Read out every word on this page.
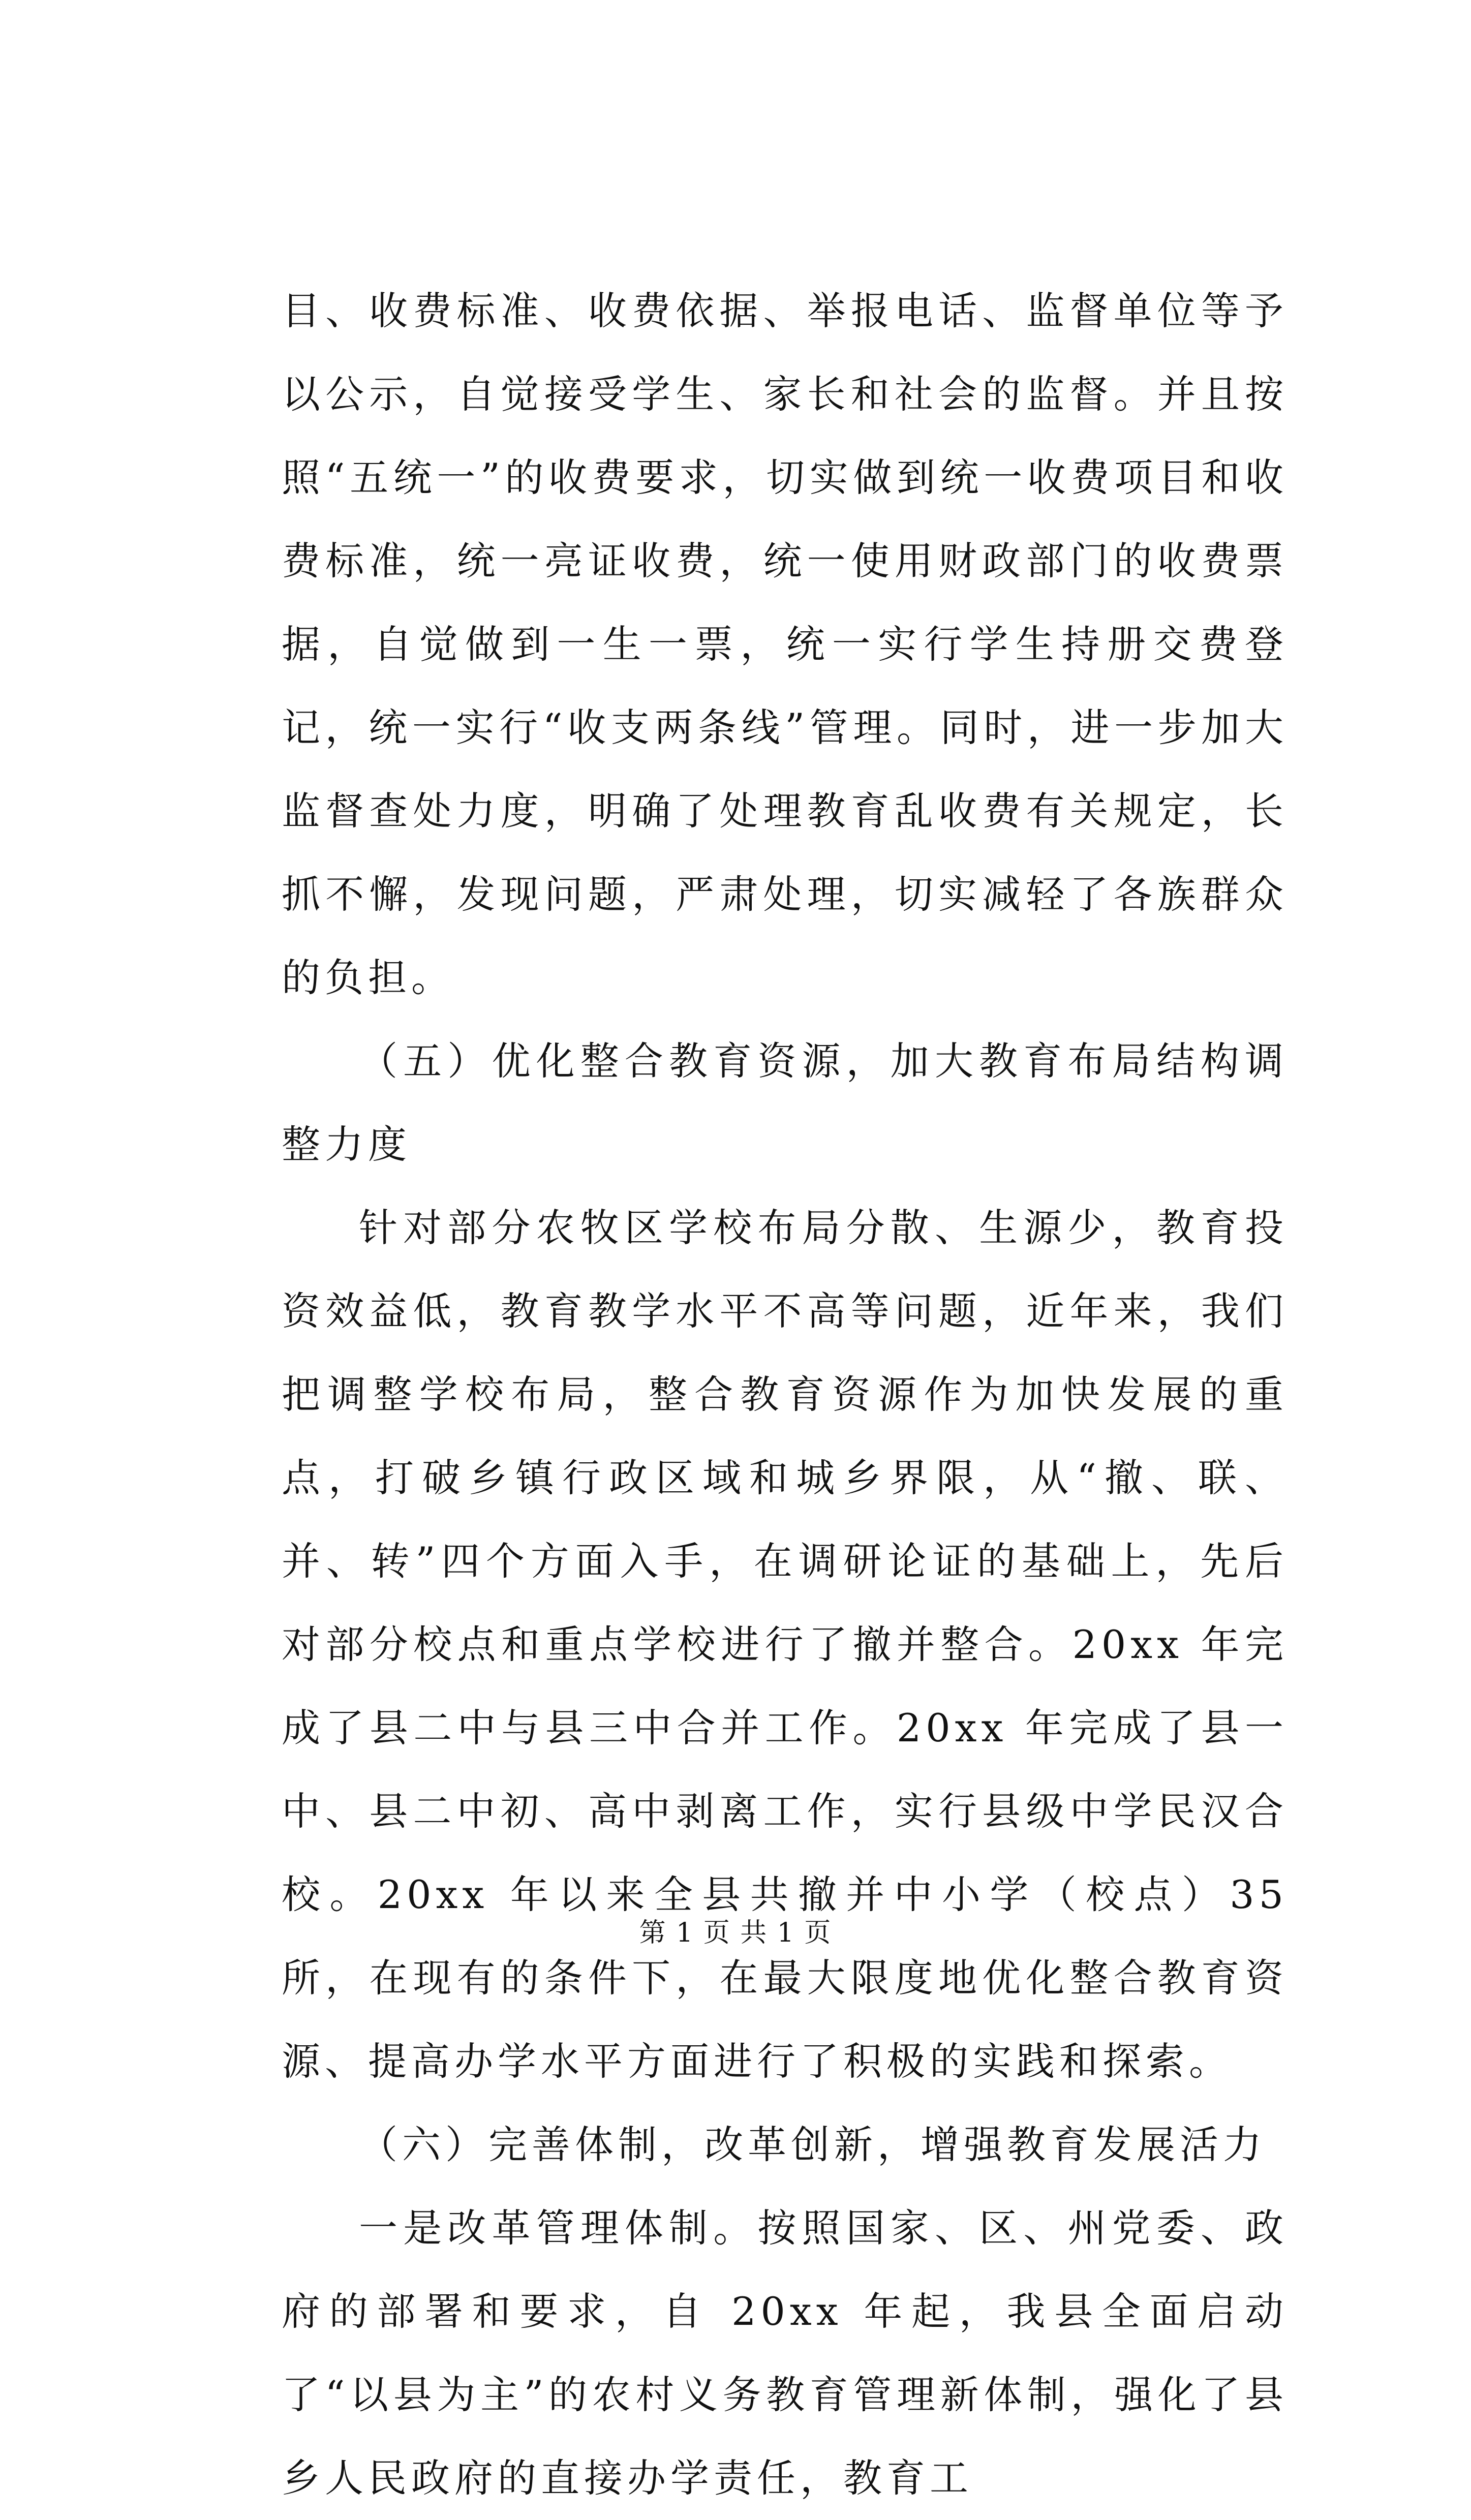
目、收费标准、收费依据、举报电话、监督单位等予以公示，自觉接受学生、家长和社会的监督。并且按照“五统一”的收费要求，切实做到统一收费项目和收费标准，统一亮证收费，统一使用财政部门的收费票据，自觉做到一生一票，统一实行学生持册交费登记，统一实行“收支两条线”管理。同时，进一步加大监督查处力度，明确了处理教育乱收费有关规定，长抓不懈，发现问题，严肃处理，切实减轻了各族群众的负担。

（五）优化整合教育资源，加大教育布局结构调整力度

针对部分农牧区学校布局分散、生源少，教育投资效益低，教育教学水平不高等问题，近年来，我们把调整学校布局，整合教育资源作为加快发展的重点，打破乡镇行政区域和城乡界限，从“撤、联、并、转”四个方面入手，在调研论证的基础上，先后对部分校点和重点学校进行了撤并整合。20xx 年完成了县二中与县三中合并工作。20xx 年完成了县一中、县二中初、高中剥离工作，实行县级中学民汉合校。20xx 年以来全县共撤并中小学（校点）35 所，在现有的条件下，在最大限度地优化整合教育资源、提高办学水平方面进行了积极的实践和探索。

（六）完善体制，改革创新，增强教育发展活力

一是改革管理体制。按照国家、区、州党委、政府的部署和要求，自 20xx 年起，我县全面启动了“以县为主”的农村义务教育管理新体制，强化了县乡人民政府的直接办学责任，教育工

第 1 页 共 1 页
